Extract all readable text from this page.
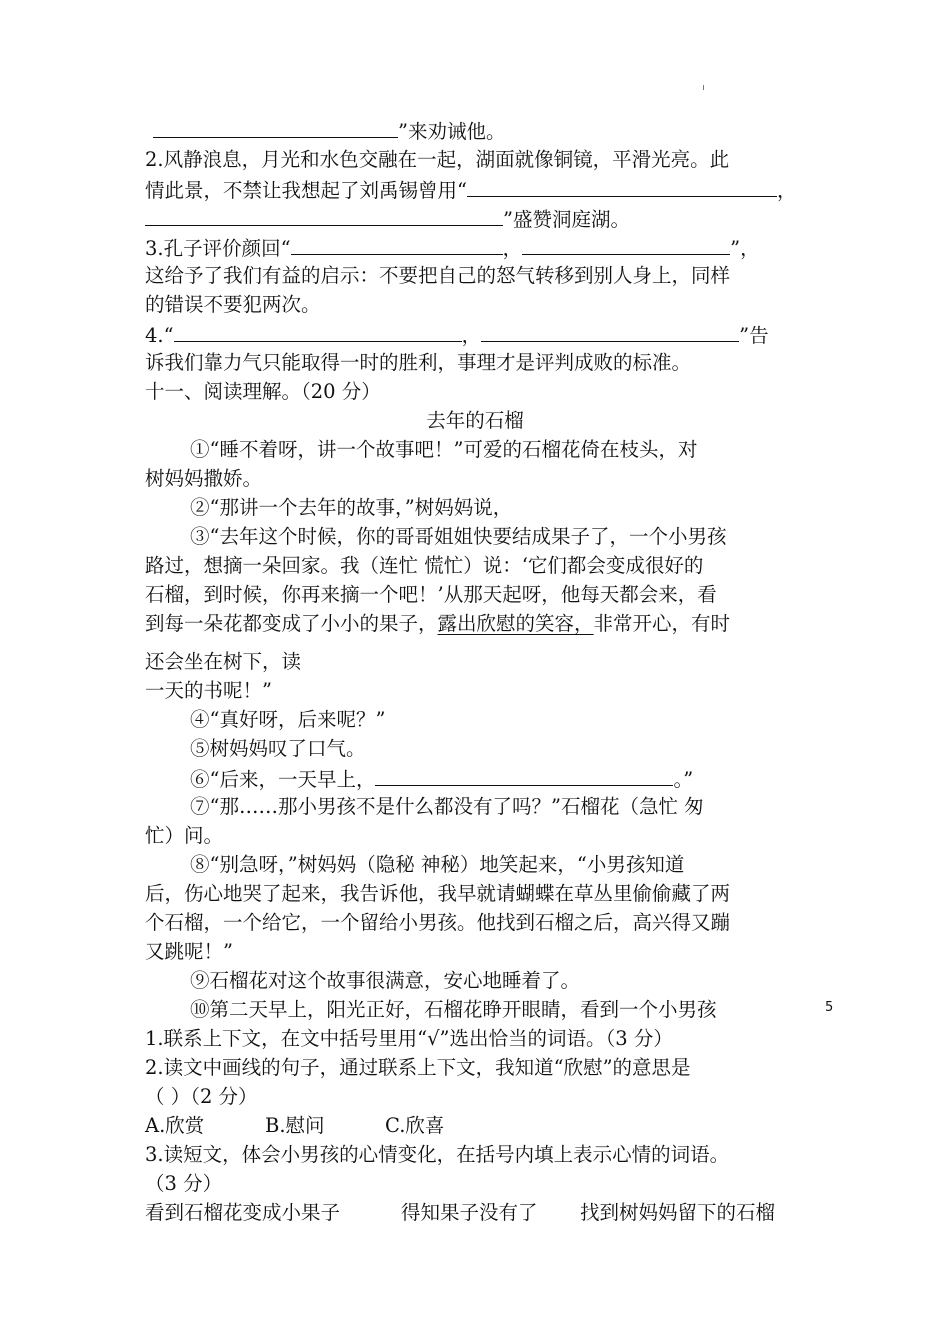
”来劝诫他。
2.风静浪息，月光和水色交融在一起，湖面就像铜镜，平滑光亮。此
情此景，不禁让我想起了刘禹锡曾用“	，
”盛赞洞庭湖。
3.孔子评价颜回“	，	”，
这给予了我们有益的启示：不要把自己的怒气转移到别人身上，同样
的错误不要犯两次。
4.“	，	”告
诉我们靠力气只能取得一时的胜利，事理才是评判成败的标准。
十一、阅读理解。（20 分）
去年的石榴
①“睡不着呀，讲一个故事吧！”可爱的石榴花倚在枝头，对
树妈妈撒娇。
②“那讲一个去年的故事，”树妈妈说，
③“去年这个时候，你的哥哥姐姐快要结成果子了，一个小男孩
路过，想摘一朵回家。我（连忙 慌忙）说：‘它们都会变成很好的
石榴，到时候，你再来摘一个吧！’从那天起呀，他每天都会来，看
到每一朵花都变成了小小的果子，露出欣慰的笑容，非常开心，有时
还会坐在树下，读
一天的书呢！”
④“真好呀，后来呢？”
⑤树妈妈叹了口气。
⑥“后来，一天早上，	。”
⑦“那……那小男孩不是什么都没有了吗？”石榴花（急忙 匆
忙）问。
⑧“别急呀，”树妈妈（隐秘 神秘）地笑起来，“小男孩知道
后，伤心地哭了起来，我告诉他，我早就请蝴蝶在草丛里偷偷藏了两
个石榴，一个给它，一个留给小男孩。他找到石榴之后，高兴得又蹦
又跳呢！”
⑨石榴花对这个故事很满意，安心地睡着了。
⑩第二天早上，阳光正好，石榴花睁开眼睛，看到一个小男孩	5
1.联系上下文，在文中括号里用“√”选出恰当的词语。（3 分）
2.读文中画线的句子，通过联系上下文，我知道“欣慰”的意思是
（ ）（2 分）
A.欣赏	B.慰问	C.欣喜
3.读短文，体会小男孩的心情变化，在括号内填上表示心情的词语。
（3 分）
看到石榴花变成小果子	得知果子没有了 找到树妈妈留下的石榴
